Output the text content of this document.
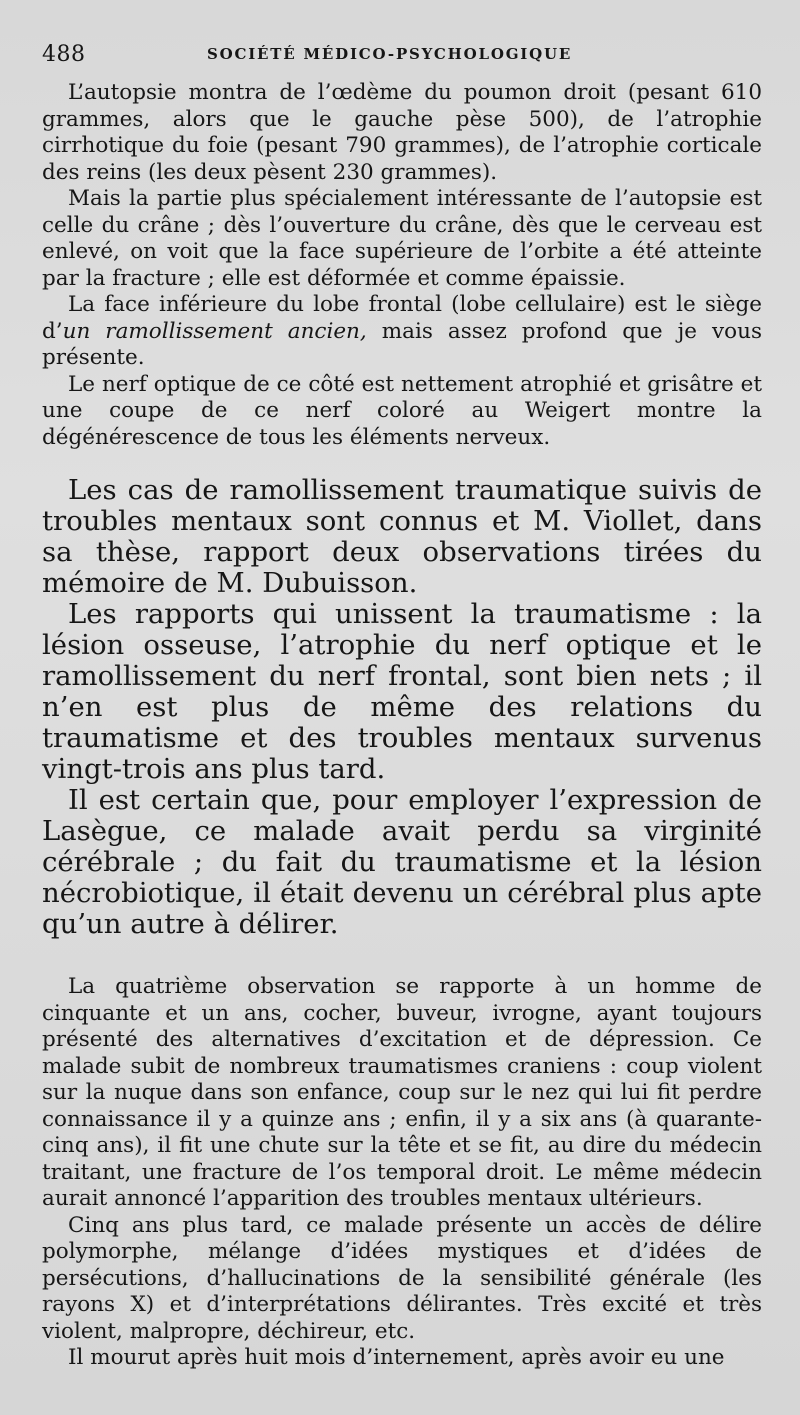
488	SOCIÉTÉ MÉDICO-PSYCHOLOGIQUE

L’autopsie montra de l’œdème du poumon droit (pesant 610 grammes, alors que le gauche pèse 500), de l’atrophie cirrhotique du foie (pesant 790 grammes), de l’atrophie corticale des reins (les deux pèsent 230 grammes).

Mais la partie plus spécialement intéressante de l’autopsie est celle du crâne ; dès l’ouverture du crâne, dès que le cerveau est enlevé, on voit que la face supérieure de l’orbite a été atteinte par la fracture ; elle est déformée et comme épaissie.

La face inférieure du lobe frontal (lobe cellulaire) est le siège d’un ramollissement ancien, mais assez profond que je vous présente.

Le nerf optique de ce côté est nettement atrophié et grisâtre et une coupe de ce nerf coloré au Weigert montre la dégénérescence de tous les éléments nerveux.

Les cas de ramollissement traumatique suivis de troubles mentaux sont connus et M. Viollet, dans sa thèse, rapport deux observations tirées du mémoire de M. Dubuisson.

Les rapports qui unissent la traumatisme : la lésion osseuse, l’atrophie du nerf optique et le ramollissement du nerf frontal, sont bien nets ; il n’en est plus de même des relations du traumatisme et des troubles mentaux survenus vingt-trois ans plus tard.

Il est certain que, pour employer l’expression de Lasègue, ce malade avait perdu sa virginité cérébrale ; du fait du traumatisme et la lésion nécrobiotique, il était devenu un cérébral plus apte qu’un autre à délirer.

La quatrième observation se rapporte à un homme de cinquante et un ans, cocher, buveur, ivrogne, ayant toujours présenté des alternatives d’excitation et de dépression. Ce malade subit de nombreux traumatismes craniens : coup violent sur la nuque dans son enfance, coup sur le nez qui lui fit perdre connaissance il y a quinze ans ; enfin, il y a six ans (à quarante-cinq ans), il fit une chute sur la tête et se fit, au dire du médecin traitant, une fracture de l’os temporal droit. Le même médecin aurait annoncé l’apparition des troubles mentaux ultérieurs.

Cinq ans plus tard, ce malade présente un accès de délire polymorphe, mélange d’idées mystiques et d’idées de persécutions, d’hallucinations de la sensibilité générale (les rayons X) et d’interprétations délirantes. Très excité et très violent, malpropre, déchireur, etc.

Il mourut après huit mois d’internement, après avoir eu une
